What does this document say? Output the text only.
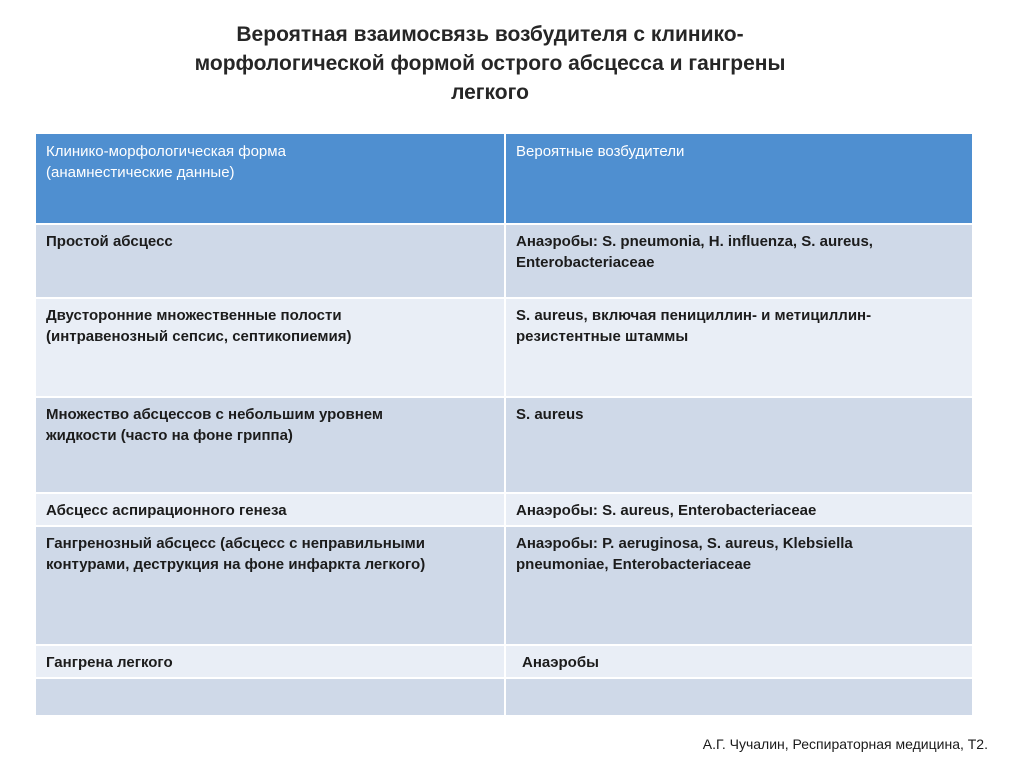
Вероятная взаимосвязь возбудителя с клинико-
морфологической формой острого абсцесса и гангрены
легкого
Клинико-морфологическая форма
(анамнестические данные)	Вероятные возбудители

Простой абсцесс	Анаэробы: S. pneumonia, H. influenza, S. aureus,
Enterobacteriaceae

Двусторонние множественные полости
(интравенозный сепсис, септикопиемия)	S. aureus, включая пенициллин- и метициллин-
резистентные штаммы

Множество абсцессов с небольшим уровнем
жидкости (часто на фоне гриппа)	S. aureus

Абсцесс аспирационного генеза	Анаэробы: S. aureus, Enterobacteriaceae

Гангренозный абсцесс (абсцесс с неправильными
контурами, деструкция на фоне инфаркта легкого)	Анаэробы: P. aeruginosa, S. aureus, Klebsiella
pneumoniae, Enterobacteriaceae

Гангрена легкого	Анаэробы

А.Г. Чучалин, Респираторная медицина, Т2.
